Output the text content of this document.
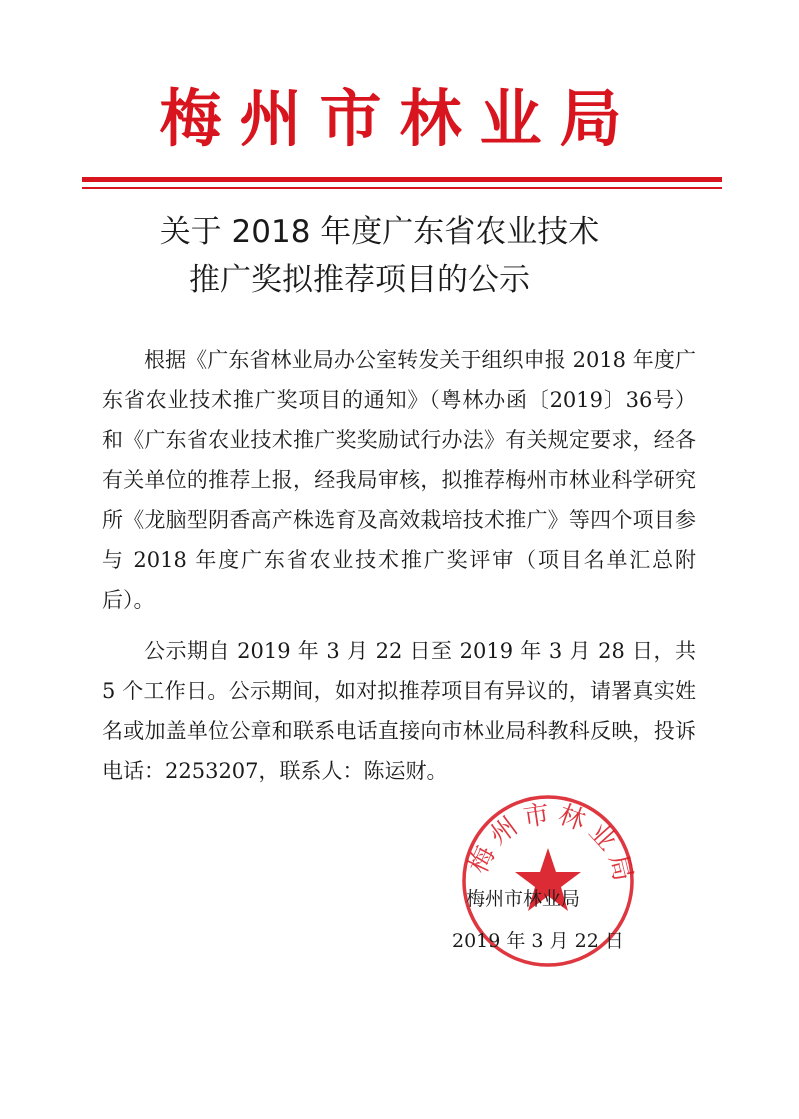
梅州市林业局
关于 2018 年度广东省农业技术
推广奖拟推荐项目的公示

根据《广东省林业局办公室转发关于组织申报 2018 年度广东省农业技术推广奖项目的通知》（粤林办函〔2019〕36号）和《广东省农业技术推广奖奖励试行办法》有关规定要求，经各有关单位的推荐上报，经我局审核，拟推荐梅州市林业科学研究所《龙脑型阴香高产株选育及高效栽培技术推广》等四个项目参与 2018 年度广东省农业技术推广奖评审（项目名单汇总附后）。

公示期自 2019 年 3 月 22 日至 2019 年 3 月 28 日，共 5 个工作日。公示期间，如对拟推荐项目有异议的，请署真实姓名或加盖单位公章和联系电话直接向市林业局科教科反映，投诉电话：2253207，联系人：陈运财。

梅州市林业局
梅州市林业局
2019 年 3 月 22 日
